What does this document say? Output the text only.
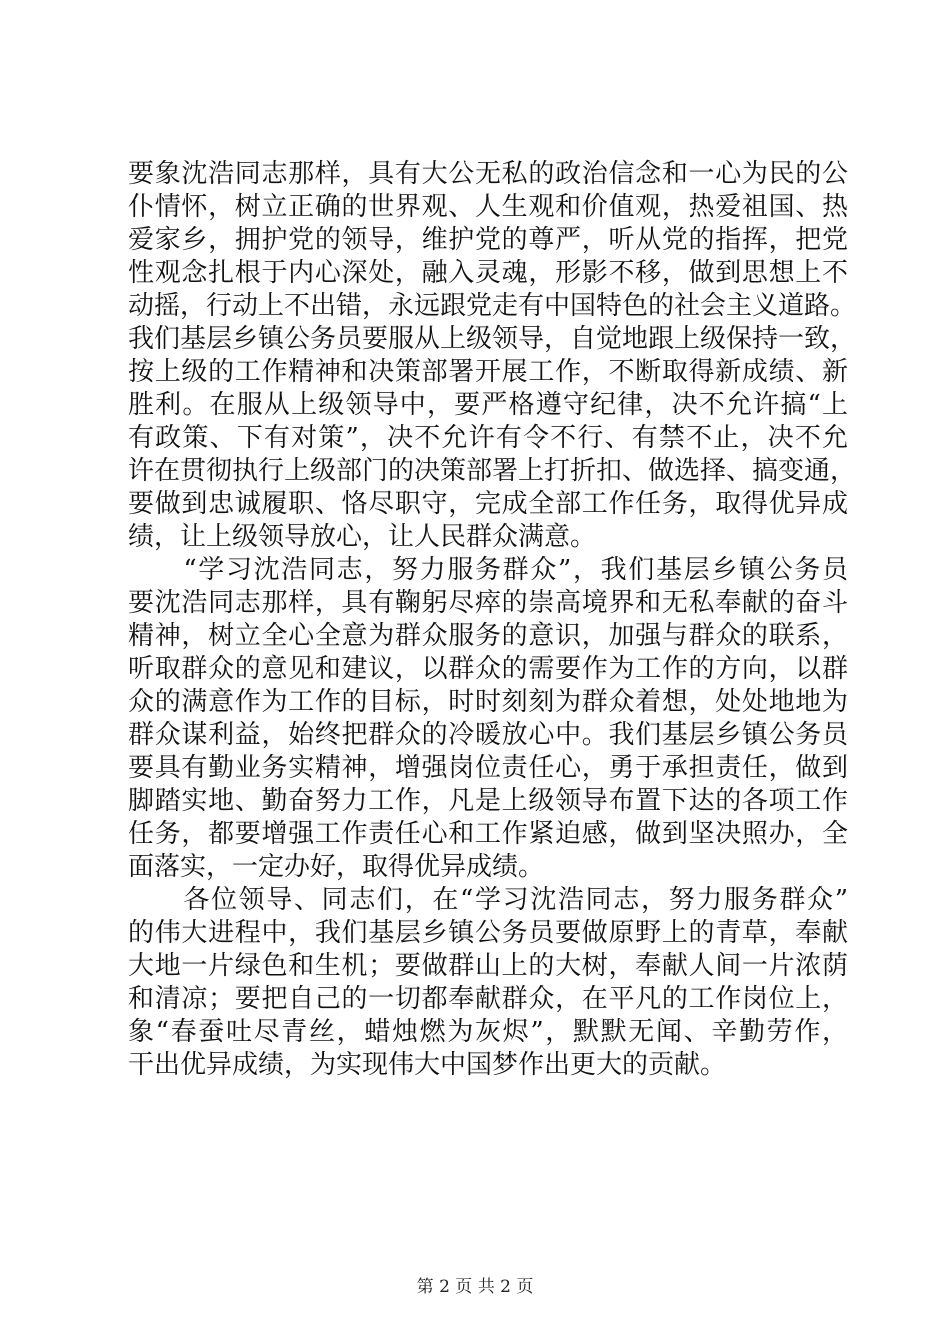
要象沈浩同志那样，具有大公无私的政治信念和一心为民的公
仆情怀，树立正确的世界观、人生观和价值观，热爱祖国、热
爱家乡，拥护党的领导，维护党的尊严，听从党的指挥，把党
性观念扎根于内心深处，融入灵魂，形影不移，做到思想上不
动摇，行动上不出错，永远跟党走有中国特色的社会主义道路。
我们基层乡镇公务员要服从上级领导，自觉地跟上级保持一致，
按上级的工作精神和决策部署开展工作，不断取得新成绩、新
胜利。在服从上级领导中，要严格遵守纪律，决不允许搞“上
有政策、下有对策”，决不允许有令不行、有禁不止，决不允
许在贯彻执行上级部门的决策部署上打折扣、做选择、搞变通，
要做到忠诚履职、恪尽职守，完成全部工作任务，取得优异成
绩，让上级领导放心，让人民群众满意。
　　“学习沈浩同志，努力服务群众”，我们基层乡镇公务员
要沈浩同志那样，具有鞠躬尽瘁的崇高境界和无私奉献的奋斗
精神，树立全心全意为群众服务的意识，加强与群众的联系，
听取群众的意见和建议，以群众的需要作为工作的方向，以群
众的满意作为工作的目标，时时刻刻为群众着想，处处地地为
群众谋利益，始终把群众的冷暖放心中。我们基层乡镇公务员
要具有勤业务实精神，增强岗位责任心，勇于承担责任，做到
脚踏实地、勤奋努力工作，凡是上级领导布置下达的各项工作
任务，都要增强工作责任心和工作紧迫感，做到坚决照办，全
面落实，一定办好，取得优异成绩。
　　各位领导、同志们，在“学习沈浩同志，努力服务群众”
的伟大进程中，我们基层乡镇公务员要做原野上的青草，奉献
大地一片绿色和生机；要做群山上的大树，奉献人间一片浓荫
和清凉；要把自己的一切都奉献群众，在平凡的工作岗位上，
象“春蚕吐尽青丝，蜡烛燃为灰烬”，默默无闻、辛勤劳作，
干出优异成绩，为实现伟大中国梦作出更大的贡献。
第 2 页 共 2 页
